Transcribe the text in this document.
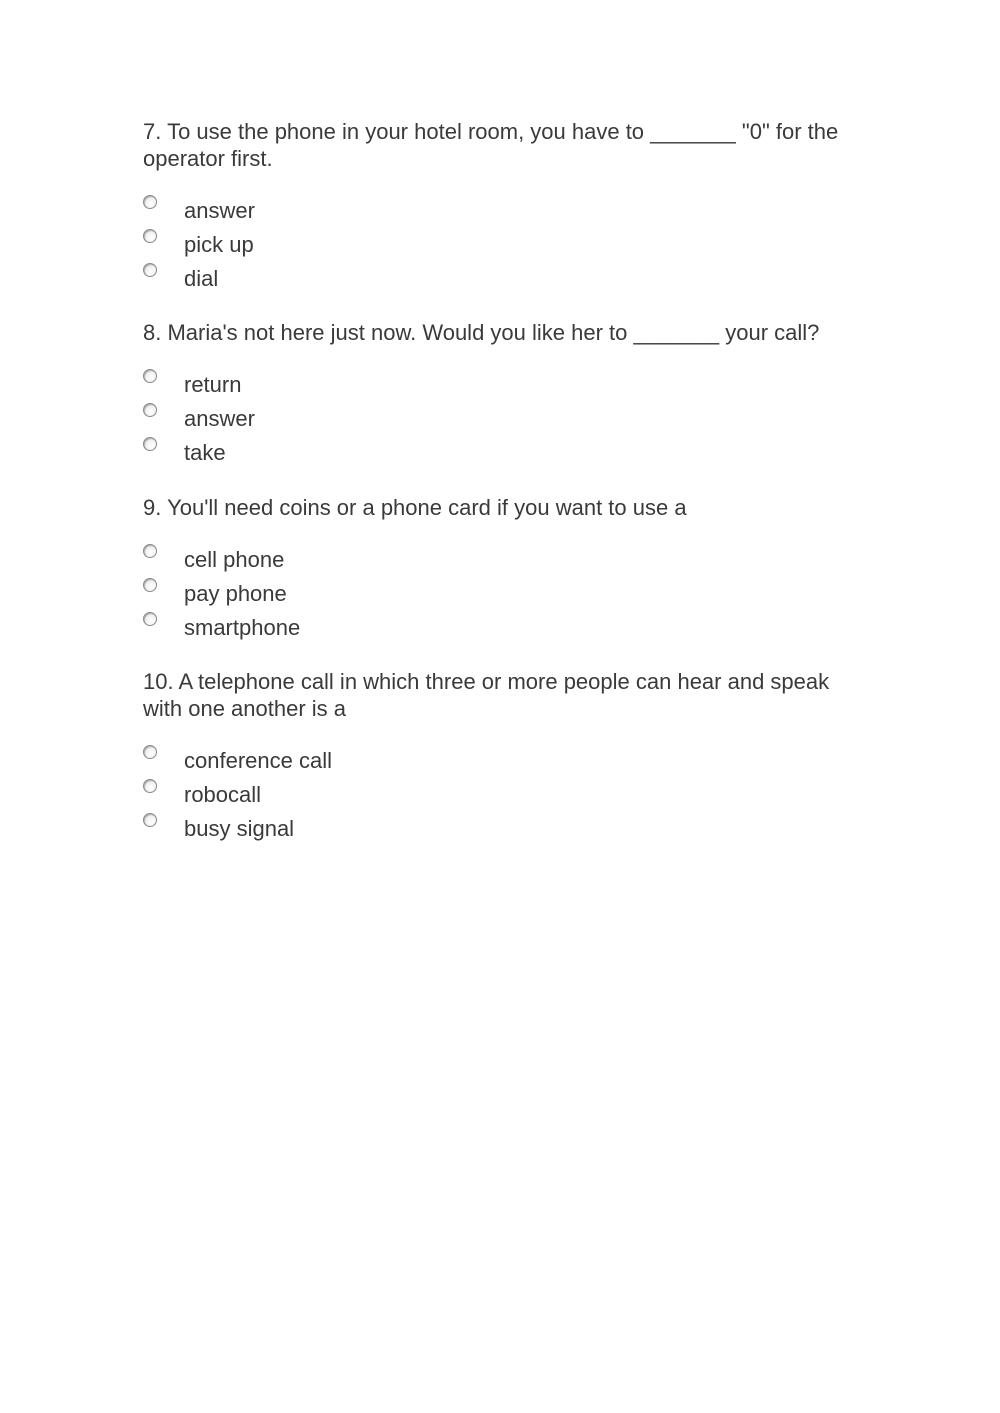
7. To use the phone in your hotel room, you have to _______ "0" for the operator first.

answer
pick up
dial

8. Maria's not here just now. Would you like her to _______ your call?

return
answer
take

9. You'll need coins or a phone card if you want to use a

cell phone
pay phone
smartphone

10. A telephone call in which three or more people can hear and speak with one another is a

conference call
robocall
busy signal
